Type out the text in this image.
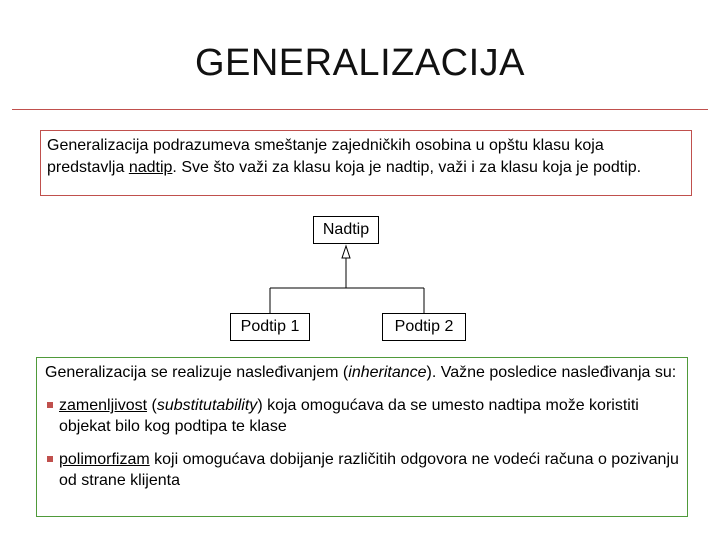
GENERALIZACIJA
Generalizacija podrazumeva smeštanje zajedničkih osobina u opštu klasu koja predstavlja nadtip. Sve što važi za klasu koja je nadtip, važi i za klasu koja je podtip.
Nadtip
Podtip 1	Podtip 2

Generalizacija se realizuje nasleđivanjem (inheritance). Važne posledice nasleđivanja su:

zamenljivost (substitutability) koja omogućava da se umesto nadtipa može koristiti objekat bilo kog podtipa te klase
polimorfizam koji omogućava dobijanje različitih odgovora ne vodeći računa o pozivanju od strane klijenta
